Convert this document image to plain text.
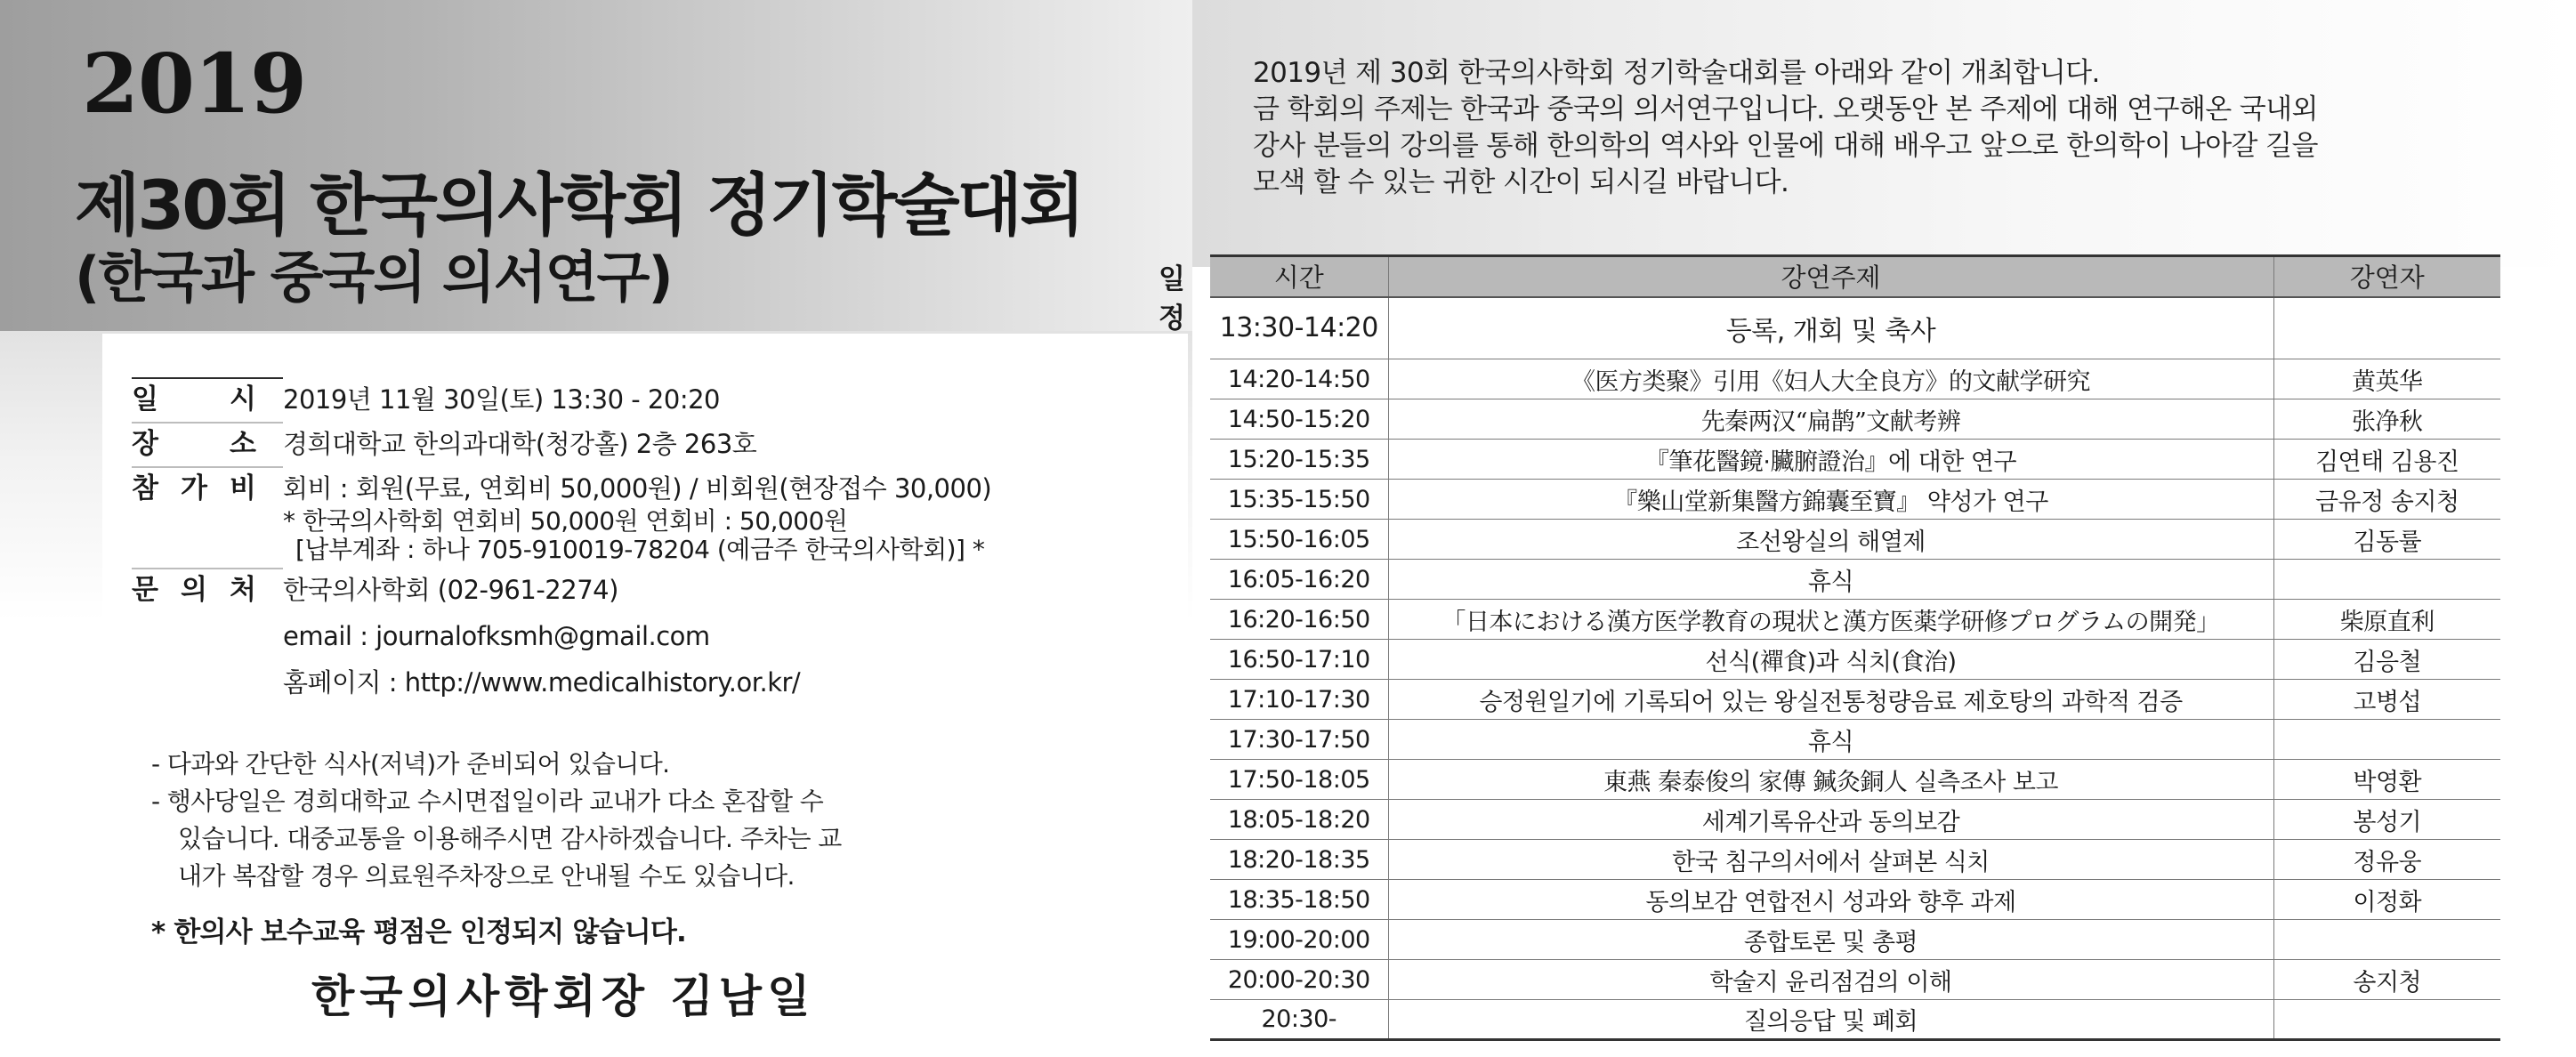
2019
제30회 한국의사학회 정기학술대회
(한국과 중국의 의서연구)
2019년 제 30회 한국의사학회 정기학술대회를 아래와 같이 개최합니다.
금 학회의 주제는 한국과 중국의 의서연구입니다. 오랫동안 본 주제에 대해 연구해온 국내외
강사 분들의 강의를 통해 한의학의 역사와 인물에 대해 배우고 앞으로 한의학이 나아갈 길을
모색 할 수 있는 귀한 시간이 되시길 바랍니다.
일	시 2019년 11월 30일(토) 13:30 - 20:20
장	소 경희대학교 한의과대학(청강홀) 2층 263호
참 가 비 회비 : 회원(무료, 연회비 50,000원) / 비회원(현장접수 30,000)
* 한국의사학회 연회비 50,000원 연회비 : 50,000원
[납부계좌 : 하나 705-910019-78204 (예금주 한국의사학회)] *
문 의 처 한국의사학회 (02-961-2274)
email : journalofksmh@gmail.com
홈페이지 : http://www.medicalhistory.or.kr/
- 다과와 간단한 식사(저녁)가 준비되어 있습니다.
- 행사당일은 경희대학교 수시면접일이라 교내가 다소 혼잡할 수
있습니다. 대중교통을 이용해주시면 감사하겠습니다. 주차는 교
내가 복잡할 경우 의료원주차장으로 안내될 수도 있습니다.
* 한의사 보수교육 평점은 인정되지 않습니다.
한국의사학회장 김남일
일
정
시간	강연주제	강연자
13:30-14:20	등록, 개회 및 축사	
14:20-14:50	《医方类聚》引用《妇人大全良方》的文献学研究	黄英华
14:50-15:20	先秦两汉“扁鹊”文献考辨	张净秋
15:20-15:35	『筆花醫鏡·臟腑證治』에 대한 연구	김연태 김용진
15:35-15:50	『樂山堂新集醫方錦囊至寶』 약성가 연구	금유정 송지청
15:50-16:05	조선왕실의 해열제	김동률
16:05-16:20	휴식	
16:20-16:50	「日本における漢方医学教育の現状と漢方医薬学研修プログラムの開発」	柴原直利
16:50-17:10	선식(禪食)과 식치(食治)	김응철
17:10-17:30	승정원일기에 기록되어 있는 왕실전통청량음료 제호탕의 과학적 검증	고병섭
17:30-17:50	휴식	
17:50-18:05	東燕 秦泰俊의 家傳 鍼灸銅人 실측조사 보고	박영환
18:05-18:20	세계기록유산과 동의보감	봉성기
18:20-18:35	한국 침구의서에서 살펴본 식치	정유웅
18:35-18:50	동의보감 연합전시 성과와 향후 과제	이정화
19:00-20:00	종합토론 및 총평	
20:00-20:30	학술지 윤리점검의 이해	송지청
20:30-	질의응답 및 폐회	
